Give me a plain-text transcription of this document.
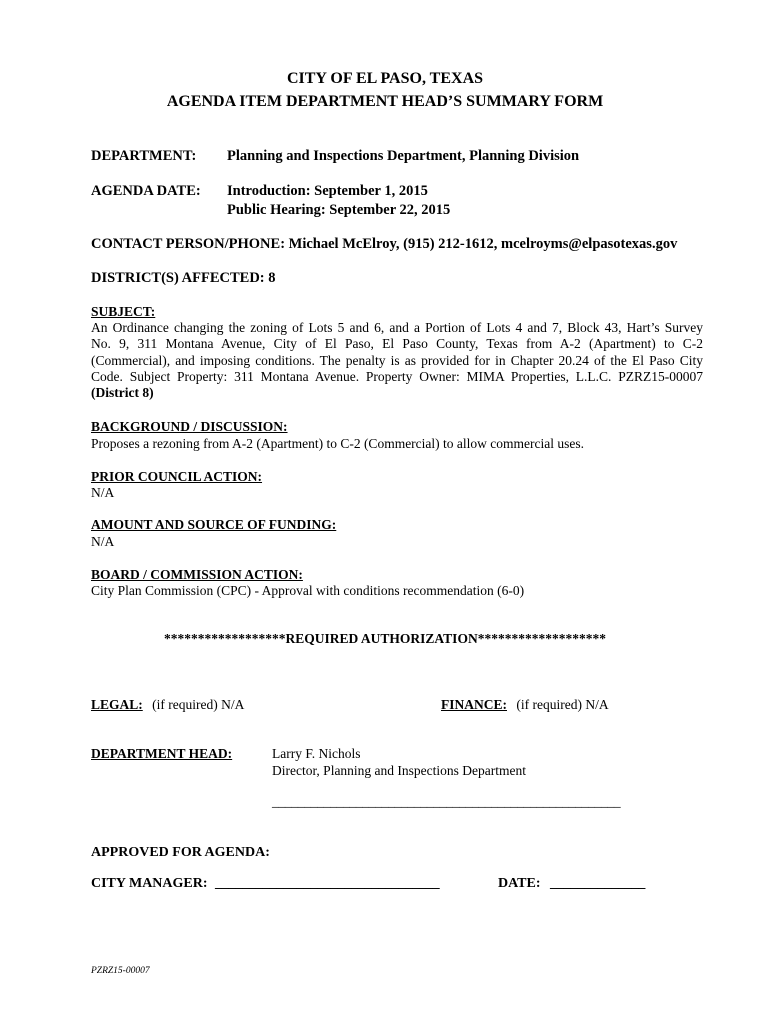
CITY OF EL PASO, TEXAS
AGENDA ITEM DEPARTMENT HEAD’S SUMMARY FORM
DEPARTMENT: Planning and Inspections Department, Planning Division
AGENDA DATE: Introduction: September 1, 2015
Public Hearing: September 22, 2015
CONTACT PERSON/PHONE: Michael McElroy, (915) 212-1612, mcelroyms@elpasotexas.gov
DISTRICT(S) AFFECTED: 8
SUBJECT:
An Ordinance changing the zoning of Lots 5 and 6, and a Portion of Lots 4 and 7, Block 43, Hart’s Survey
No. 9, 311 Montana Avenue, City of El Paso, El Paso County, Texas from A-2 (Apartment) to C-2
(Commercial), and imposing conditions. The penalty is as provided for in Chapter 20.24 of the El Paso City
Code. Subject Property: 311 Montana Avenue. Property Owner: MIMA Properties, L.L.C. PZRZ15-00007
(District 8)
BACKGROUND / DISCUSSION:
Proposes a rezoning from A-2 (Apartment) to C-2 (Commercial) to allow commercial uses.
PRIOR COUNCIL ACTION:
N/A
AMOUNT AND SOURCE OF FUNDING:
N/A
BOARD / COMMISSION ACTION:
City Plan Commission (CPC) - Approval with conditions recommendation (6-0)
******************REQUIRED AUTHORIZATION*******************
LEGAL: (if required) N/A	FINANCE: (if required) N/A
DEPARTMENT HEAD:	Larry F. Nichols
Director, Planning and Inspections Department
______________________________________________________
APPROVED FOR AGENDA:
CITY MANAGER: _________________________________	DATE: ______________
PZRZ15-00007
